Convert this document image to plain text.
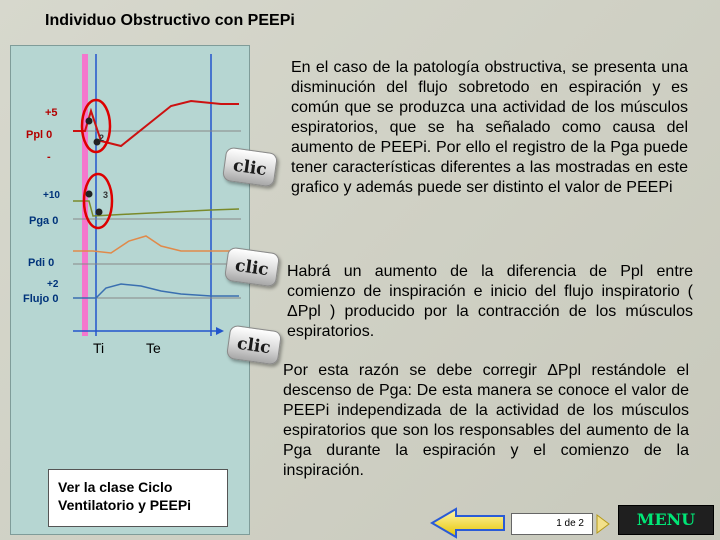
Individuo Obstructivo con PEEPi
+5
Ppl 0
-
2
+10
Pga 0
3
Pdi 0
+2
Flujo 0
Ti	Te
Ver la clase Ciclo Ventilatorio y PEEPi
clic
clic
clic
En el caso de la patología obstructiva, se presenta una disminución del flujo sobretodo en espiración y es común que se produzca una actividad de los músculos espiratorios, que se ha señalado como causa del aumento de PEEPi. Por ello el registro de la Pga puede tener características diferentes a las mostradas en este grafico y además puede ser distinto el valor de PEEPi
Habrá un aumento de la diferencia de Ppl entre comienzo de inspiración e inicio del flujo inspiratorio ( ΔPpl ) producido por la contracción de los músculos espiratorios.
Por esta razón se debe corregir ΔPpl restándole el descenso de Pga: De esta manera se conoce el valor de PEEPi independizada de la actividad de los músculos espiratorios que son los responsables del aumento de la Pga durante la espiración y el comienzo de la inspiración.
1 de 2	MENU
